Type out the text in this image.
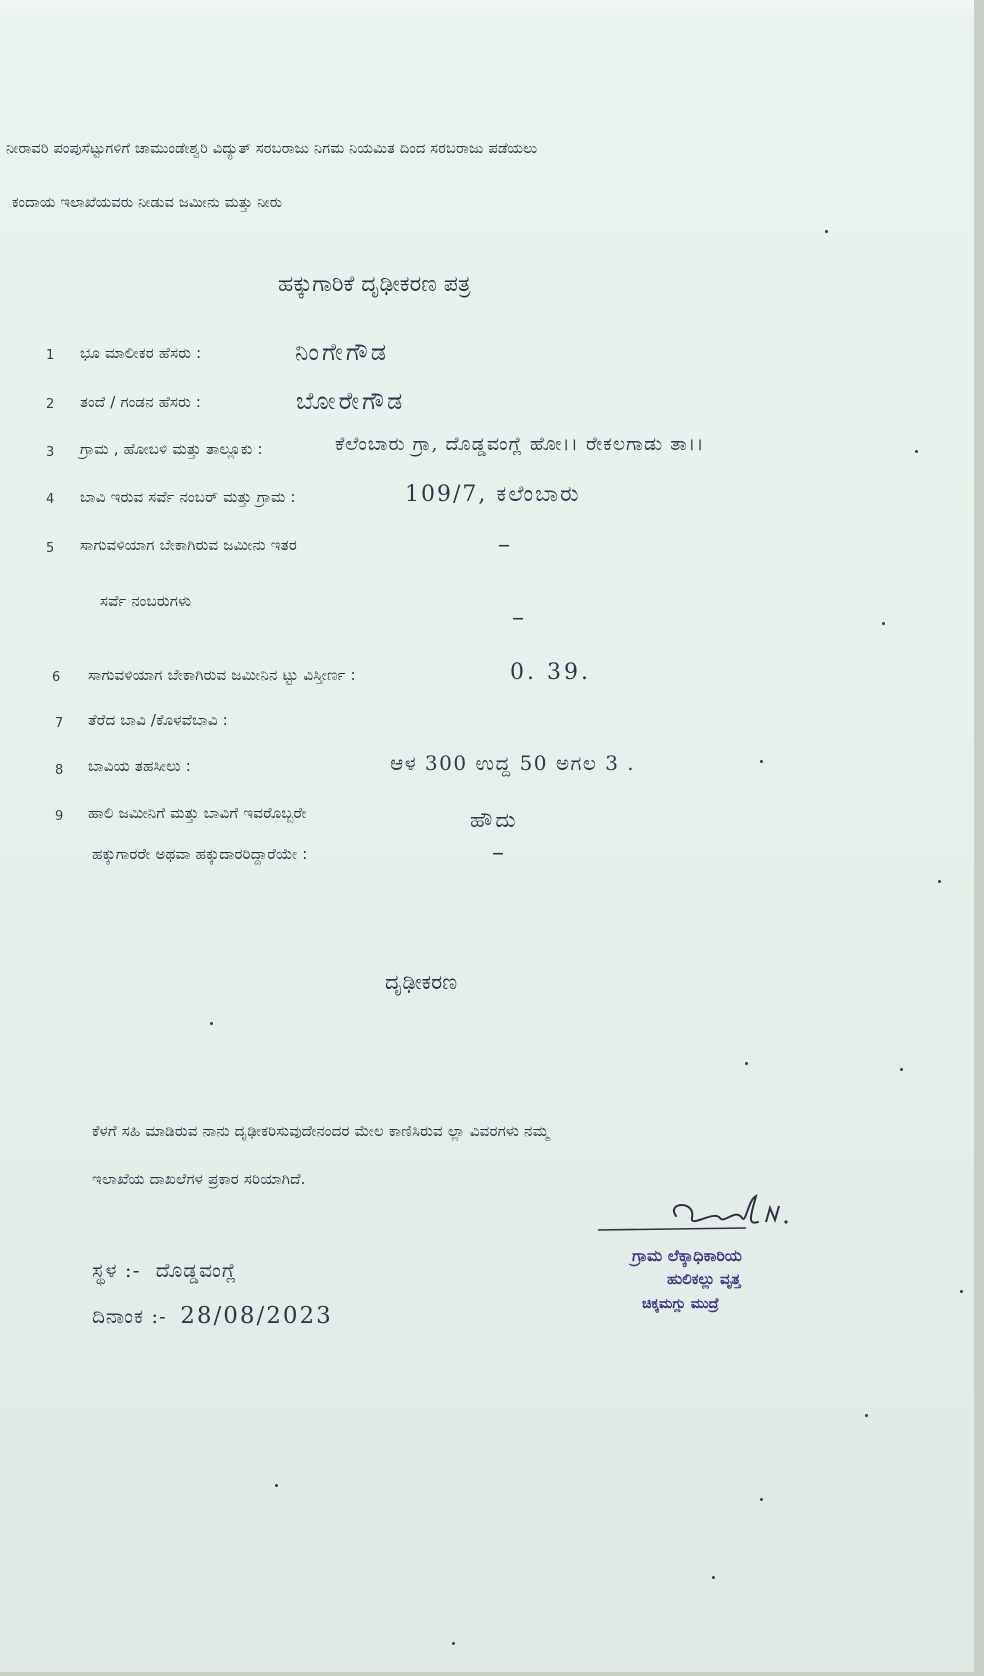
ನೀರಾವರಿ ಪಂಪುಸೆಟ್ಟುಗಳಿಗೆ ಚಾಮುಂಡೇಶ್ವರಿ ವಿದ್ಯುತ್ ಸರಬರಾಜು ನಿಗಮ ನಿಯಮಿತ ದಿಂದ ಸರಬರಾಜು ಪಡೆಯಲು
ಕಂದಾಯ ಇಲಾಖೆಯವರು ನೀಡುವ ಜಮೀನು ಮತ್ತು ನೀರು
ಹಕ್ಕುಗಾರಿಕೆ ದೃಢೀಕರಣ ಪತ್ರ
1 ಭೂ ಮಾಲೀಕರ ಹೆಸರು :	ನಿಂಗೇಗೌಡ
2 ತಂದೆ / ಗಂಡನ ಹೆಸರು :	ಬೋರೇಗೌಡ
3 ಗ್ರಾಮ , ಹೋಬಳಿ ಮತ್ತು ತಾಲ್ಲೂಕು :	ಕೆಲೆಂಬಾರು ಗ್ರಾ, ದೊಡ್ಡವಂಗ್ಲೆ ಹೋ।। ರೇಕಲಗಾಡು ತಾ।।
4 ಬಾವಿ ಇರುವ ಸರ್ವೆ ನಂಬರ್ ಮತ್ತು ಗ್ರಾಮ :	109/7, ಕಲೆಂಬಾರು
5 ಸಾಗುವಳಿಯಾಗ ಬೇಕಾಗಿರುವ ಜಮೀನು ಇತರ	–
ಸರ್ವೆ ನಂಬರುಗಳು
–
6 ಸಾಗುವಳಿಯಾಗ ಬೇಕಾಗಿರುವ ಜಮೀನಿನ ಟ್ಟು ವಿಸ್ತೀರ್ಣ :	0. 39.
7 ತೆರೆದ ಬಾವಿ /ಕೊಳವೆಬಾವಿ :
8 ಬಾವಿಯ ತಹಸೀಲು :	ಆಳ 300 ಉದ್ದ 50 ಅಗಲ 3 .
9 ಹಾಲಿ ಜಮೀನಿಗೆ ಮತ್ತು ಬಾವಿಗೆ ಇವರೊಬ್ಬರೇ	ಹೌದು
ಹಕ್ಕುಗಾರರೇ ಅಥವಾ ಹಕ್ಕುದಾರರಿದ್ದಾರೆಯೇ :	–
ದೃಢೀಕರಣ
ಕೆಳಗೆ ಸಹಿ ಮಾಡಿರುವ ನಾನು ದೃಢೀಕರಿಸುವುದೇನಂದರ ಮೇಲ ಕಾಣಿಸಿರುವ ಲ್ಲಾ ವಿವರಗಳು ನಮ್ಮ
ಇಲಾಖೆಯ ದಾಖಲೆಗಳ ಪ್ರಕಾರ ಸರಿಯಾಗಿದೆ.
ಸ್ಥಳ :- ದೊಡ್ಡವಂಗ್ಲೆ
ದಿನಾಂಕ :- 28/08/2023
ಗ್ರಾಮ ಲೆಕ್ಕಾಧಿಕಾರಿಯ
ಹುಲಿಕಲ್ಲು ವೃತ್ತ
ಚಿಕ್ಕಮಗ್ಲು ಮುದ್ರೆ
